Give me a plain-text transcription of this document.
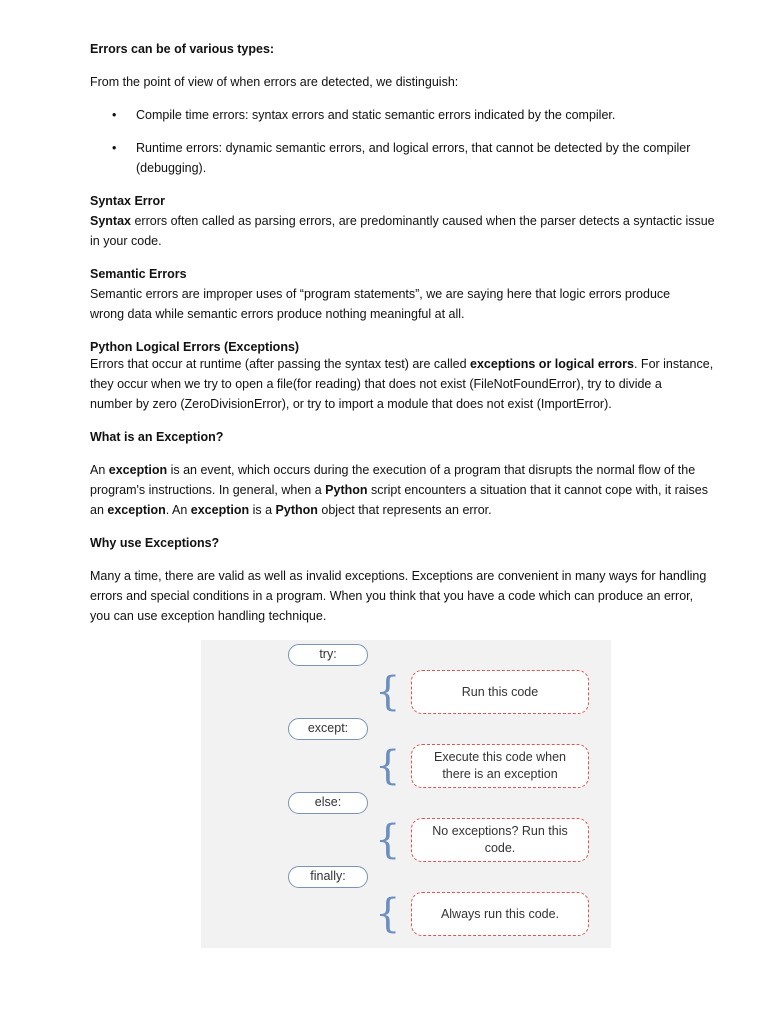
Errors can be of various types:
From the point of view of when errors are detected, we distinguish:
• Compile time errors: syntax errors and static semantic errors indicated by the compiler.
• Runtime errors: dynamic semantic errors, and logical errors, that cannot be detected by the compiler
(debugging).
Syntax Error
Syntax errors often called as parsing errors, are predominantly caused when the parser detects a syntactic issue
in your code.
Semantic Errors
Semantic errors are improper uses of “program statements”, we are saying here that logic errors produce
wrong data while semantic errors produce nothing meaningful at all.
Python Logical Errors (Exceptions)
Errors that occur at runtime (after passing the syntax test) are called exceptions or logical errors. For instance,
they occur when we try to open a file(for reading) that does not exist (FileNotFoundError), try to divide a
number by zero (ZeroDivisionError), or try to import a module that does not exist (ImportError).
What is an Exception?
An exception is an event, which occurs during the execution of a program that disrupts the normal flow of the
program's instructions. In general, when a Python script encounters a situation that it cannot cope with, it raises
an exception. An exception is a Python object that represents an error.
Why use Exceptions?
Many a time, there are valid as well as invalid exceptions. Exceptions are convenient in many ways for handling
errors and special conditions in a program. When you think that you have a code which can produce an error,
you can use exception handling technique.
try:
{	Run this code
except:
{	Execute this code when there is an exception
else:
{	No exceptions? Run this code.
finally:
{	Always run this code.
